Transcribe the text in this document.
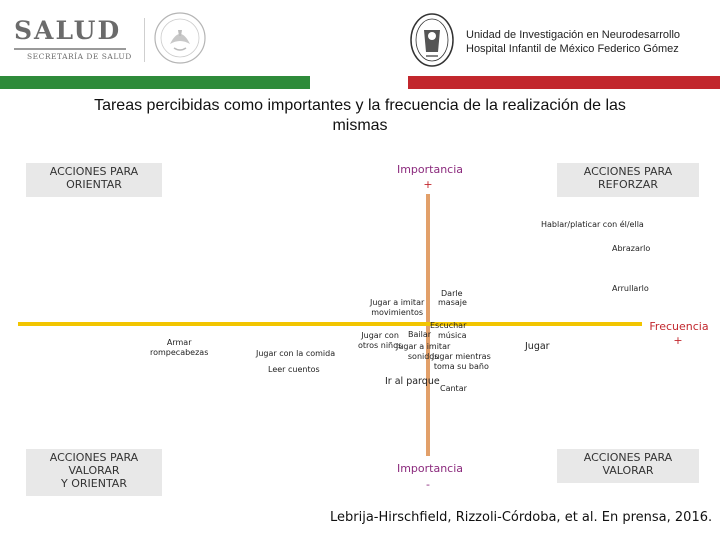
SALUD
SECRETARÍA DE SALUD
Unidad de Investigación en Neurodesarrollo
Hospital Infantil de México Federico Gómez
Tareas percibidas como importantes y la frecuencia de la realización de las
mismas
ACCIONES PARA
ORIENTAR
ACCIONES PARA
REFORZAR
ACCIONES PARA
VALORAR
Y ORIENTAR
ACCIONES PARA
VALORAR
Importancia
+
Importancia
-
Frecuencia
+
Hablar/platicar con él/ella
Abrazarlo
Arrullarlo
Darle
masaje
Jugar a imitar
movimientos
Escuchar
Bailar música
Jugar con
otros niños
Jugar a imitar
sonidos
Jugar mientras
toma su baño
Jugar
Armar
rompecabezas	Jugar con la comida
Leer cuentos
Ir al parque
Cantar
Lebrija-Hirschfield, Rizzoli-Córdoba, et al. En prensa, 2016.
